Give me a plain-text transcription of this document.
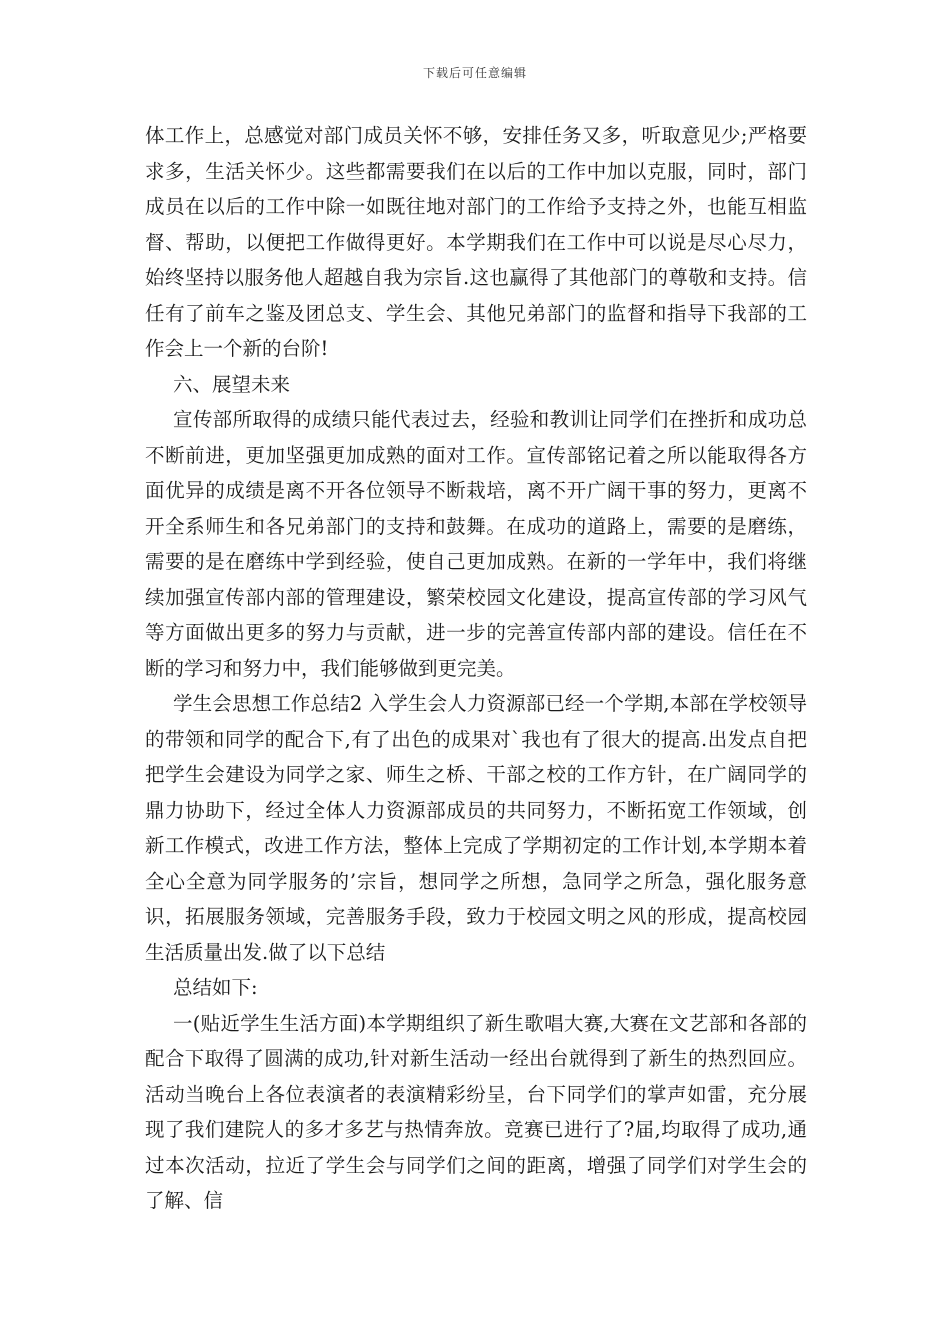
下载后可任意编辑

体工作上，总感觉对部门成员关怀不够，安排任务又多，听取意见少;严格要求多，生活关怀少。这些都需要我们在以后的工作中加以克服，同时，部门成员在以后的工作中除一如既往地对部门的工作给予支持之外，也能互相监督、帮助，以便把工作做得更好。本学期我们在工作中可以说是尽心尽力，始终坚持以服务他人超越自我为宗旨.这也赢得了其他部门的尊敬和支持。信任有了前车之鉴及团总支、学生会、其他兄弟部门的监督和指导下我部的工作会上一个新的台阶!

六、展望未来

宣传部所取得的成绩只能代表过去，经验和教训让同学们在挫折和成功总不断前进，更加坚强更加成熟的面对工作。宣传部铭记着之所以能取得各方面优异的成绩是离不开各位领导不断栽培，离不开广阔干事的努力，更离不开全系师生和各兄弟部门的支持和鼓舞。在成功的道路上，需要的是磨练，需要的是在磨练中学到经验，使自己更加成熟。在新的一学年中，我们将继续加强宣传部内部的管理建设，繁荣校园文化建设，提高宣传部的学习风气等方面做出更多的努力与贡献，进一步的完善宣传部内部的建设。信任在不断的学习和努力中，我们能够做到更完美。

学生会思想工作总结2 入学生会人力资源部已经一个学期,本部在学校领导的带领和同学的配合下,有了出色的成果对`我也有了很大的提高.出发点自把把学生会建设为同学之家、师生之桥、干部之校的工作方针，在广阔同学的鼎力协助下，经过全体人力资源部成员的共同努力，不断拓宽工作领域，创新工作模式，改进工作方法，整体上完成了学期初定的工作计划,本学期本着全心全意为同学服务的’宗旨，想同学之所想，急同学之所急，强化服务意识，拓展服务领域，完善服务手段，致力于校园文明之风的形成，提高校园生活质量出发.做了以下总结

总结如下:

一(贴近学生生活方面)本学期组织了新生歌唱大赛,大赛在文艺部和各部的配合下取得了圆满的成功,针对新生活动一经出台就得到了新生的热烈回应。活动当晚台上各位表演者的表演精彩纷呈，台下同学们的掌声如雷，充分展现了我们建院人的多才多艺与热情奔放。竞赛已进行了?届,均取得了成功,通过本次活动，拉近了学生会与同学们之间的距离，增强了同学们对学生会的了解、信
